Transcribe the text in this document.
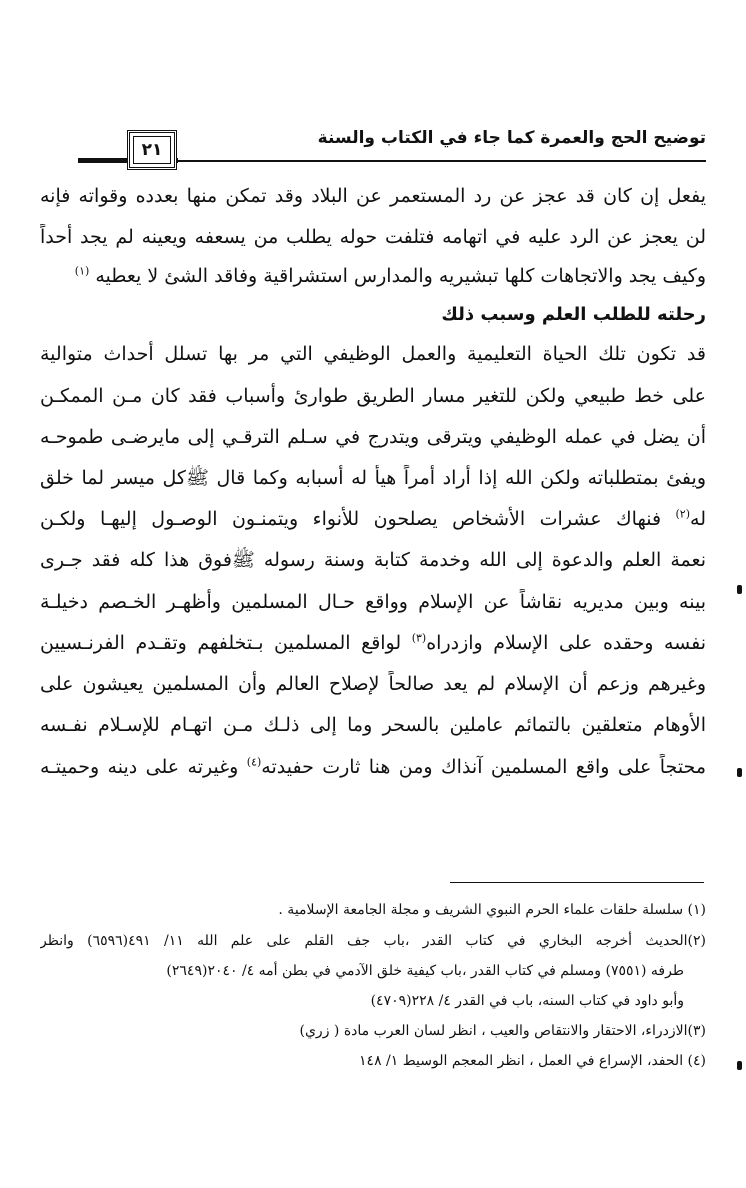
توضيح الحج والعمرة كما جاء في الكتاب والسنة
٢١
يفعل إن كان قد عجز عن رد المستعمر عن البلاد وقد تمكن منها بعدده وقواته فإنه
لن يعجز عن الرد عليه في اتهامه فتلفت حوله يطلب من يسعفه ويعينه لم يجد أحداً
وكيف يجد والاتجاهات كلها تبشيريه والمدارس استشراقية وفاقد الشئ لا يعطيه $^{(١)}$
رحلته للطلب العلم وسبب ذلك
قد تكون تلك الحياة التعليمية والعمل الوظيفي التي مر بها تسلل أحداث متوالية
على خط طبيعي ولكن للتغير مسار الطريق طوارئ وأسباب فقد كان مـن الممكـن
أن يضل في عمله الوظيفي ويترقى ويتدرج في سـلم الترقـي إلى مايرضـى طموحـه
ويفئ بمتطلباته ولكن الله إذا أراد أمراً هيأ له أسبابه وكما قال ﷺكل ميسر لما خلق
له$^{(٢)}$ فنهاك عشرات الأشخاص يصلحون للأنواء ويتمنـون الوصـول إليهـا ولكـن
نعمة العلم والدعوة إلى الله وخدمة كتابة وسنة رسوله ﷺفوق هذا كله فقد جـرى
بينه وبين مديريه نقاشاً عن الإسلام وواقع حـال المسلمين وأظهـر الخـصم دخيلـة
نفسه وحقده على الإسلام وازدراه$^{(٣)}$ لواقع المسلمين بـتخلفهم وتقـدم الفرنـسيين
وغيرهم وزعم أن الإسلام لم يعد صالحاً لإصلاح العالم وأن المسلمين يعيشون على
الأوهام متعلقين بالتمائم عاملين بالسحر وما إلى ذلـك مـن اتهـام للإسـلام نفـسه
محتجاً على واقع المسلمين آنذاك ومن هنا ثارت حفيدته$^{(٤)}$ وغيرته على دينه وحميتـه
(١) سلسلة حلقات علماء الحرم النبوي الشريف و مجلة الجامعة الإسلامية .
(٢)الحديث أخرجه البخاري في كتاب القدر ،باب جف القلم على علم الله ١١/ ٤٩١(٦٥٩٦) وانظر
طرفه (٧٥٥١) ومسلم في كتاب القدر ،باب كيفية خلق الآدمي في بطن أمه ٤/ ٢٠٤٠(٢٦٤٩)
وأبو داود في كتاب السنه، باب في القدر ٤/ ٢٢٨(٤٧٠٩)
(٣)الازدراء، الاحتقار والانتقاص والعيب ، انظر لسان العرب مادة ( زري)
(٤) الحفد، الإسراع في العمل ، انظر المعجم الوسيط ١/ ١٤٨
